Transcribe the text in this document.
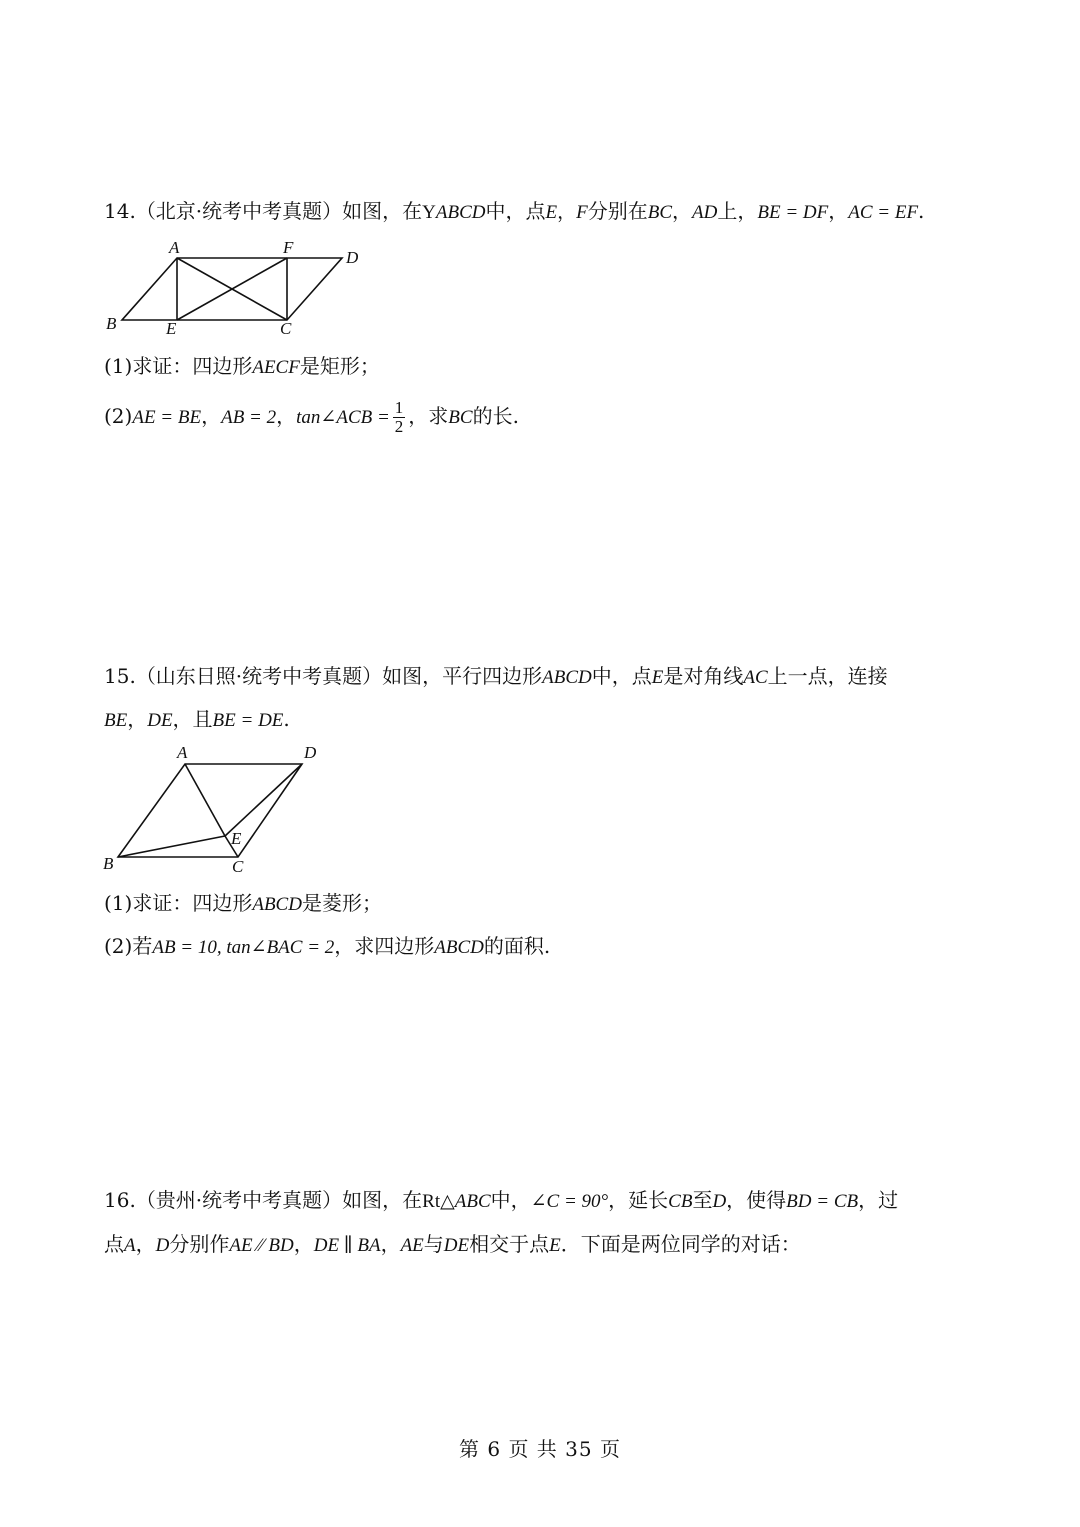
14.（北京·统考中考真题）如图，在YABCD中，点E，F分别在BC，AD上，BE = DF，AC = EF.
A	F
D
B	E	C
(1)求证：四边形AECF是矩形；
(2)AE = BE，AB = 2，tan∠ACB = $\frac{1}{2}$ ，求BC的长.
15.（山东日照·统考中考真题）如图，平行四边形ABCD中，点E是对角线AC上一点，连接
BE，DE，且BE = DE.
A	D
E
B	C
(1)求证：四边形ABCD是菱形；
(2)若AB = 10, tan∠BAC = 2，求四边形ABCD的面积.
16.（贵州·统考中考真题）如图，在Rt△ABC中，∠C = 90°，延长CB至D，使得BD = CB，过
点A，D分别作AE ⁄⁄ BD，DE ∥ BA，AE与DE相交于点E．下面是两位同学的对话：
第 6 页 共 35 页
